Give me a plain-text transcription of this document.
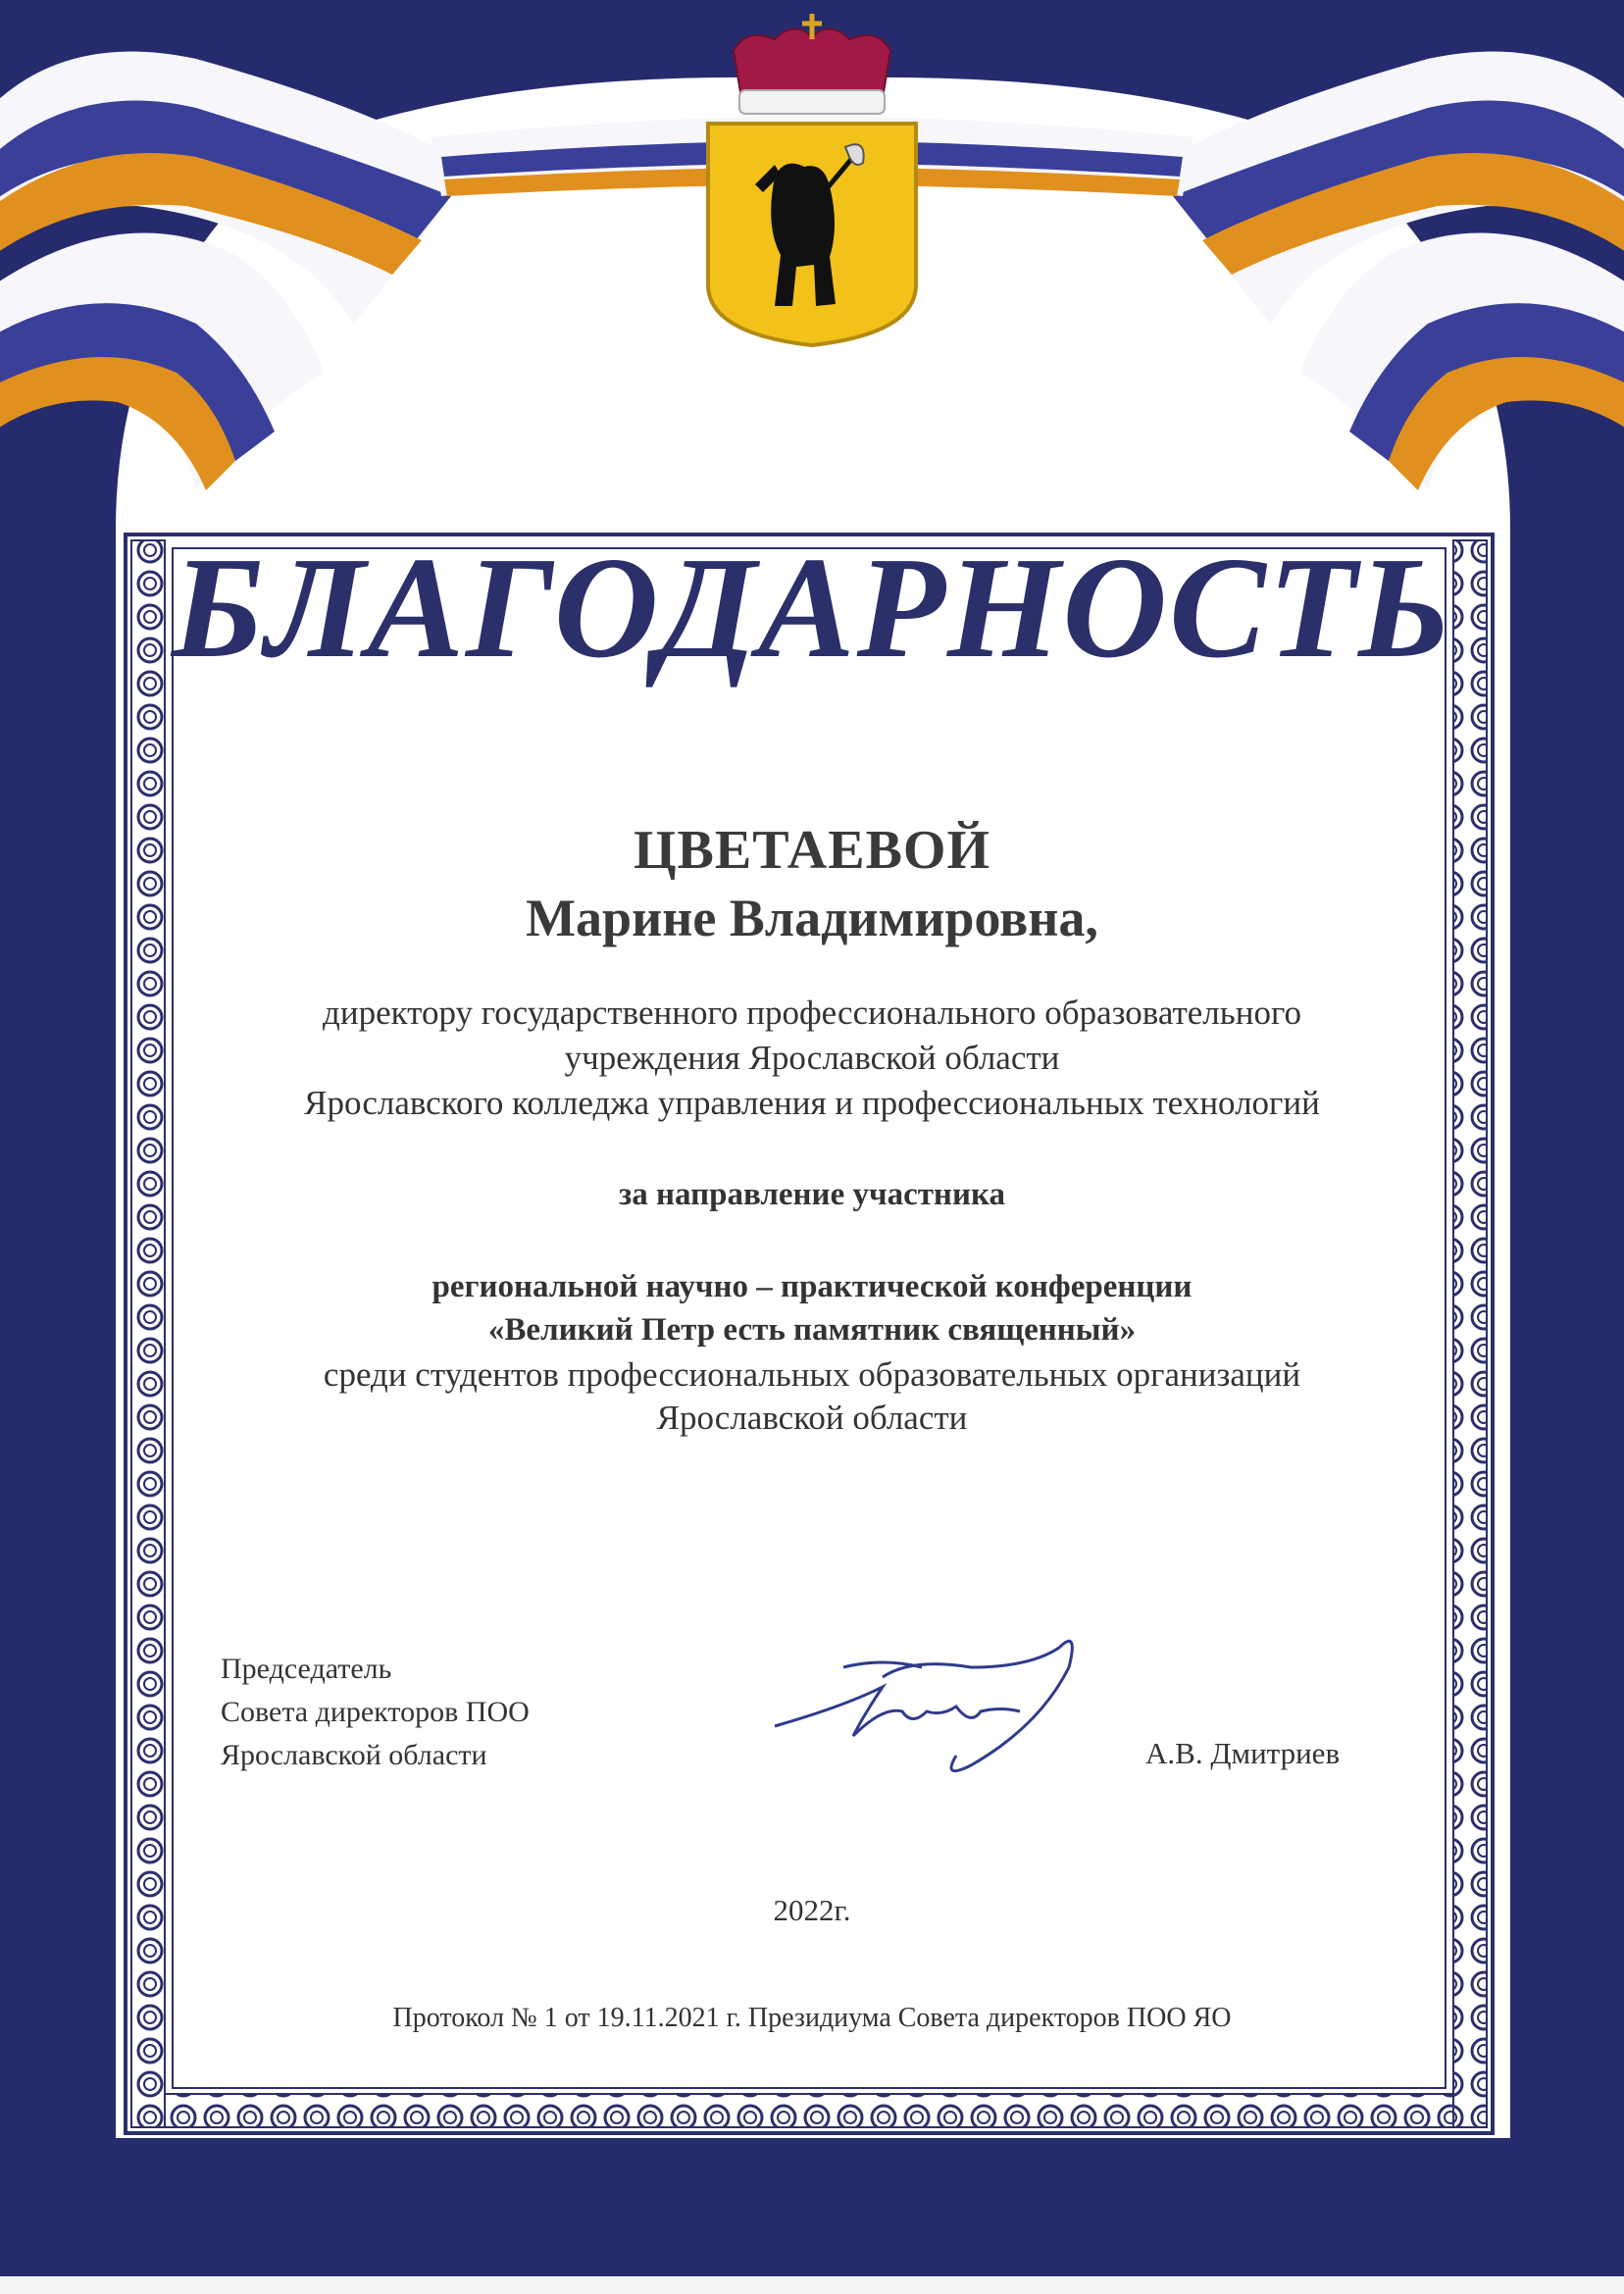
БЛАГОДАРНОСТЬ
ЦВЕТАЕВОЙ
Марине Владимировна,
директору государственного профессионального образовательного
учреждения Ярославской области
Ярославского колледжа управления и профессиональных технологий
за направление участника
региональной научно – практической конференции
«Великий Петр есть памятник священный»
среди студентов профессиональных образовательных организаций
Ярославской области
Председатель
Совета директоров ПОО
Ярославской области	А.В. Дмитриев
2022г.
Протокол № 1 от 19.11.2021 г. Президиума Совета директоров ПОО ЯО
